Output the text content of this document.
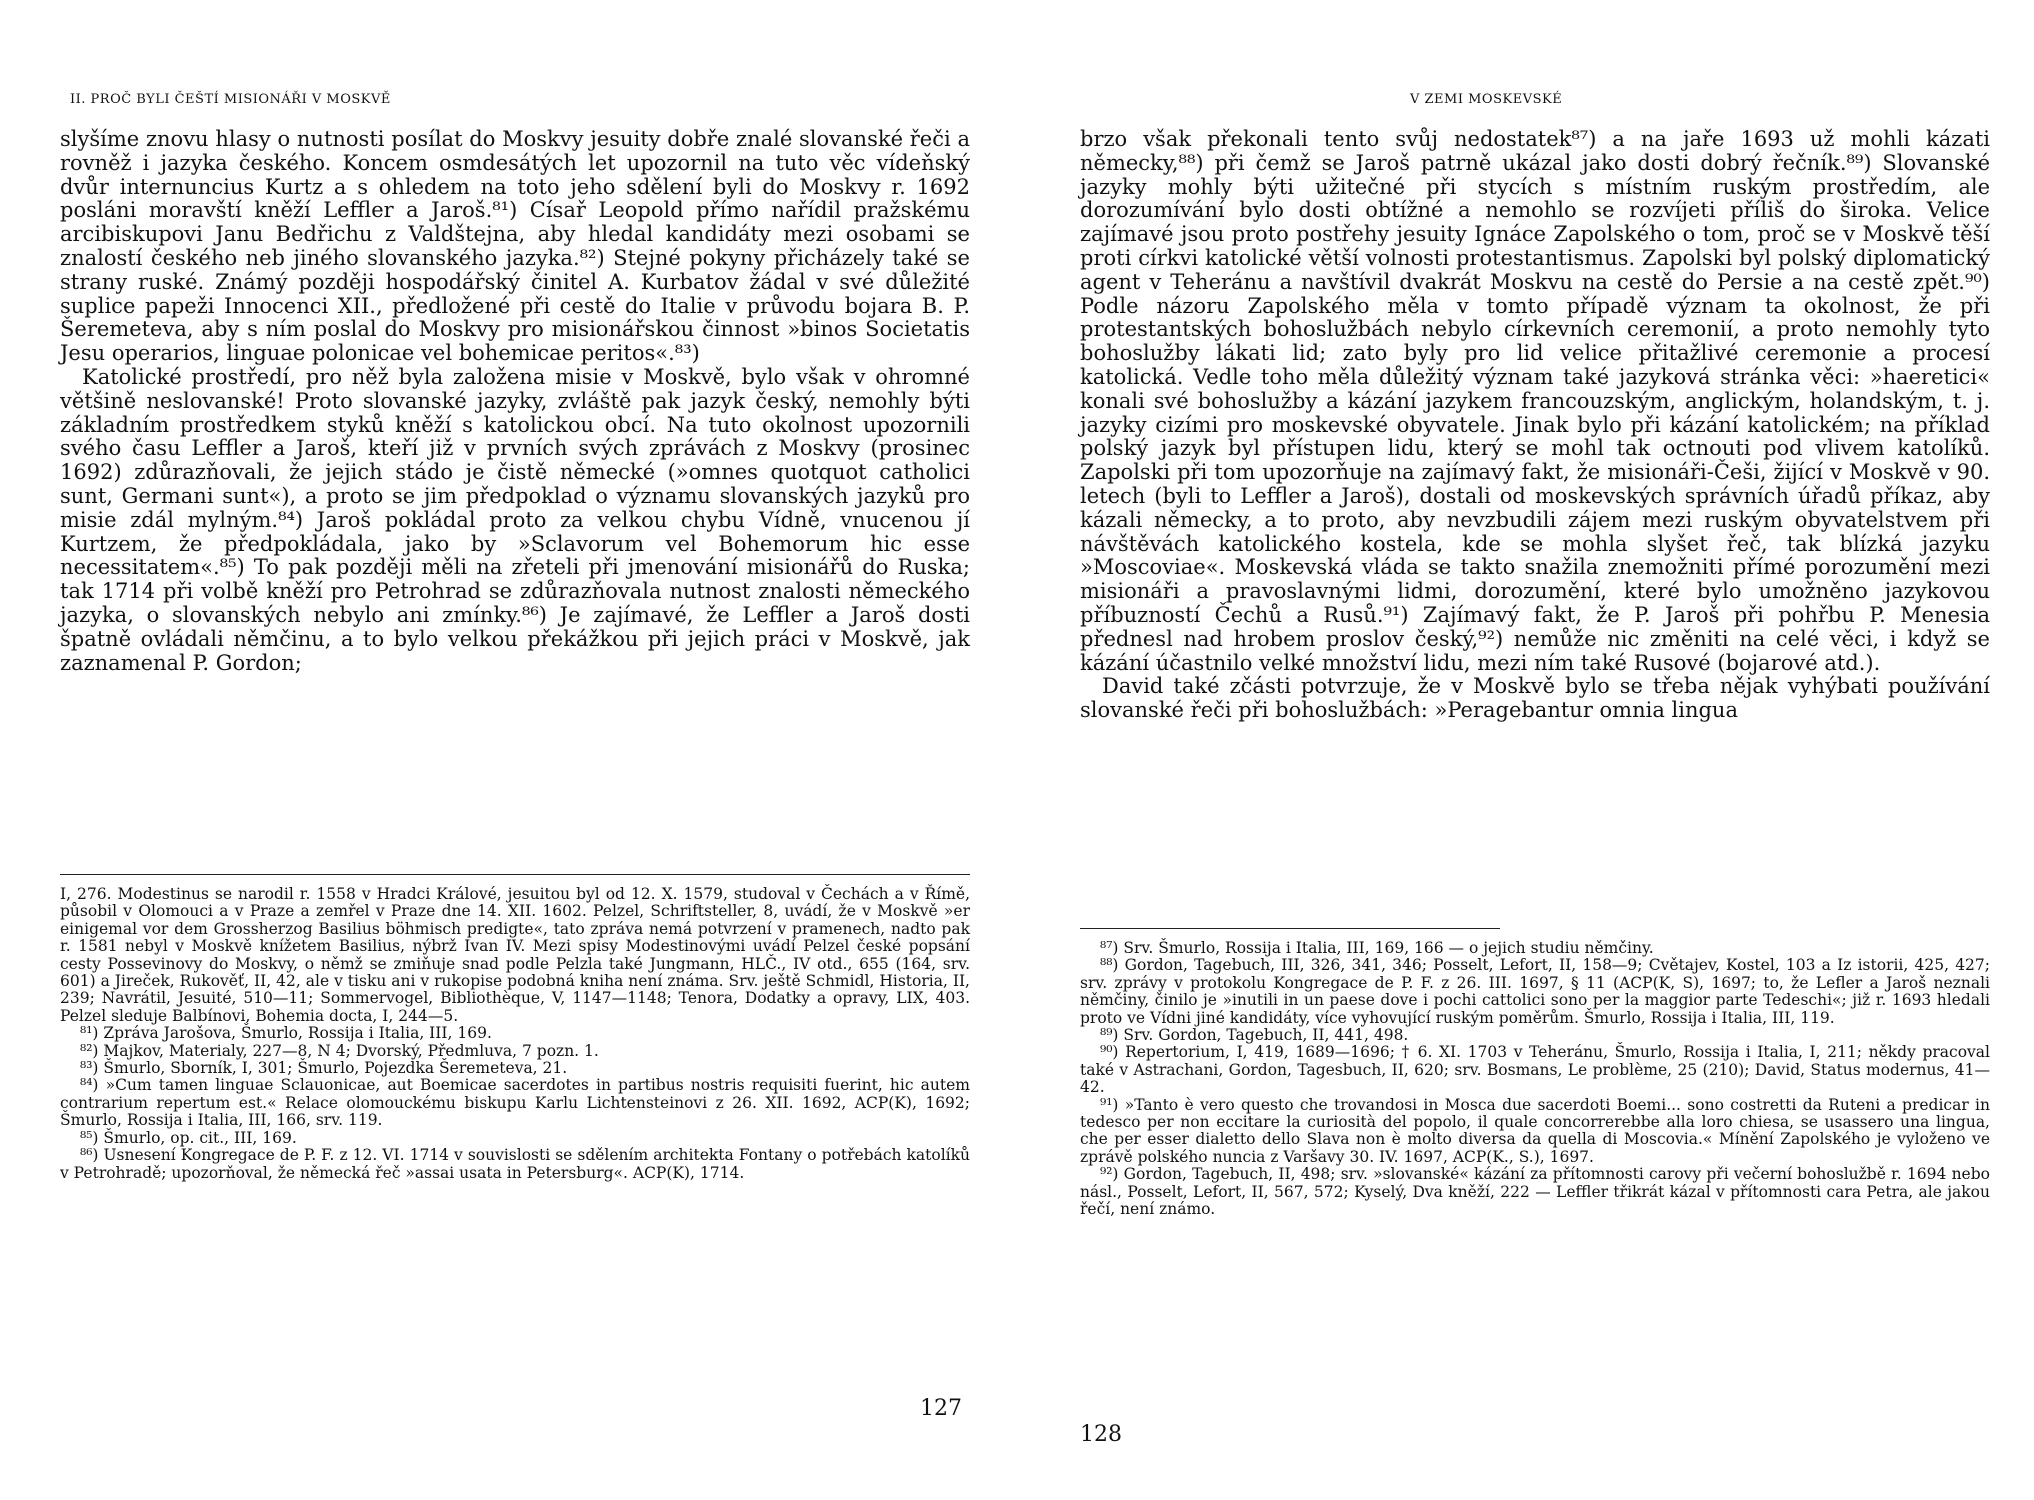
II. PROČ BYLI ČEŠTÍ MISIONÁŘI V MOSKVĚ

slyšíme znovu hlasy o nutnosti posílat do Moskvy jesuity dobře znalé slovanské řeči a rovněž i jazyka českého. Koncem osmdesátých let upozornil na tuto věc vídeňský dvůr internuncius Kurtz a s ohledem na toto jeho sdělení byli do Moskvy r. 1692 posláni moravští kněží Leffler a Jaroš.⁸¹) Císař Leopold přímo nařídil pražskému arcibiskupovi Janu Bedřichu z Valdštejna, aby hledal kandidáty mezi osobami se znalostí českého neb jiného slovanského jazyka.⁸²) Stejné pokyny přicházely také se strany ruské. Známý později hospodářský činitel A. Kurbatov žádal v své důležité suplice papeži Innocenci XII., předložené při cestě do Italie v průvodu bojara B. P. Šeremeteva, aby s ním poslal do Moskvy pro misionářskou činnost »binos Societatis Jesu operarios, linguae polonicae vel bohemicae peritos«.⁸³)

Katolické prostředí, pro něž byla založena misie v Moskvě, bylo však v ohromné většině neslovanské! Proto slovanské jazyky, zvláště pak jazyk český, nemohly býti základním prostředkem styků kněží s katolickou obcí. Na tuto okolnost upozornili svého času Leffler a Jaroš, kteří již v prvních svých zprávách z Moskvy (prosinec 1692) zdůrazňovali, že jejich stádo je čistě německé (»omnes quotquot catholici sunt, Germani sunt«), a proto se jim předpoklad o významu slovanských jazyků pro misie zdál mylným.⁸⁴) Jaroš pokládal proto za velkou chybu Vídně, vnucenou jí Kurtzem, že předpokládala, jako by »Sclavorum vel Bohemorum hic esse necessitatem«.⁸⁵) To pak později měli na zřeteli při jmenování misionářů do Ruska; tak 1714 při volbě kněží pro Petrohrad se zdůrazňovala nutnost znalosti německého jazyka, o slovanských nebylo ani zmínky.⁸⁶) Je zajímavé, že Leffler a Jaroš dosti špatně ovládali němčinu, a to bylo velkou překážkou při jejich práci v Moskvě, jak zaznamenal P. Gordon;

I, 276. Modestinus se narodil r. 1558 v Hradci Králové, jesuitou byl od 12. X. 1579, studoval v Čechách a v Římě, působil v Olomouci a v Praze a zemřel v Praze dne 14. XII. 1602. Pelzel, Schriftsteller, 8, uvádí, že v Moskvě »er einigemal vor dem Grossherzog Basilius böhmisch predigte«, tato zpráva nemá potvrzení v pramenech, nadto pak r. 1581 nebyl v Moskvě knížetem Basilius, nýbrž Ivan IV. Mezi spisy Modestinovými uvádí Pelzel české popsání cesty Possevinovy do Moskvy, o němž se zmiňuje snad podle Pelzla také Jungmann, HLČ., IV otd., 655 (164, srv. 601) a Jireček, Rukověť, II, 42, ale v tisku ani v rukopise podobná kniha není známa. Srv. ještě Schmidl, Historia, II, 239; Navrátil, Jesuité, 510—11; Sommervogel, Bibliothèque, V, 1147—1148; Tenora, Dodatky a opravy, LIX, 403. Pelzel sleduje Balbínovi, Bohemia docta, I, 244—5.

⁸¹) Zpráva Jarošova, Šmurlo, Rossija i Italia, III, 169.

⁸²) Majkov, Materialy, 227—8, N 4; Dvorský, Předmluva, 7 pozn. 1.

⁸³) Šmurlo, Sborník, I, 301; Šmurlo, Pojezdka Šeremeteva, 21.

⁸⁴) »Cum tamen linguae Sclauonicae, aut Boemicae sacerdotes in partibus nostris requisiti fuerint, hic autem contrarium repertum est.« Relace olomouckému biskupu Karlu Lichtensteinovi z 26. XII. 1692, ACP(K), 1692; Šmurlo, Rossija i Italia, III, 166, srv. 119.

⁸⁵) Šmurlo, op. cit., III, 169.

⁸⁶) Usnesení Kongregace de P. F. z 12. VI. 1714 v souvislosti se sdělením architekta Fontany o potřebách katolíků v Petrohradě; upozorňoval, že německá řeč »assai usata in Petersburg«. ACP(K), 1714.

127
V ZEMI MOSKEVSKÉ

brzo však překonali tento svůj nedostatek⁸⁷) a na jaře 1693 už mohli kázati německy,⁸⁸) při čemž se Jaroš patrně ukázal jako dosti dobrý řečník.⁸⁹) Slovanské jazyky mohly býti užitečné při stycích s místním ruským prostředím, ale dorozumívání bylo dosti obtížné a nemohlo se rozvíjeti příliš do široka. Velice zajímavé jsou proto postřehy jesuity Ignáce Zapolského o tom, proč se v Moskvě těší proti církvi katolické větší volnosti protestantismus. Zapolski byl polský diplomatický agent v Teheránu a navštívil dvakrát Moskvu na cestě do Persie a na cestě zpět.⁹⁰) Podle názoru Zapolského měla v tomto případě význam ta okolnost, že při protestantských bohoslužbách nebylo církevních ceremonií, a proto nemohly tyto bohoslužby lákati lid; zato byly pro lid velice přitažlivé ceremonie a procesí katolická. Vedle toho měla důležitý význam také jazyková stránka věci: »haeretici« konali své bohoslužby a kázání jazykem francouzským, anglickým, holandským, t. j. jazyky cizími pro moskevské obyvatele. Jinak bylo při kázání katolickém; na příklad polský jazyk byl přístupen lidu, který se mohl tak octnouti pod vlivem katolíků. Zapolski při tom upozorňuje na zajímavý fakt, že misionáři-Češi, žijící v Moskvě v 90. letech (byli to Leffler a Jaroš), dostali od moskevských správních úřadů příkaz, aby kázali německy, a to proto, aby nevzbudili zájem mezi ruským obyvatelstvem při návštěvách katolického kostela, kde se mohla slyšet řeč, tak blízká jazyku »Moscoviae«. Moskevská vláda se takto snažila znemožniti přímé porozumění mezi misionáři a pravoslavnými lidmi, dorozumění, které bylo umožněno jazykovou příbuzností Čechů a Rusů.⁹¹) Zajímavý fakt, že P. Jaroš při pohřbu P. Menesia přednesl nad hrobem proslov český,⁹²) nemůže nic změniti na celé věci, i když se kázání účastnilo velké množství lidu, mezi ním také Rusové (bojarové atd.).

David také zčásti potvrzuje, že v Moskvě bylo se třeba nějak vyhýbati používání slovanské řeči při bohoslužbách: »Peragebantur omnia lingua

⁸⁷) Srv. Šmurlo, Rossija i Italia, III, 169, 166 — o jejich studiu němčiny.

⁸⁸) Gordon, Tagebuch, III, 326, 341, 346; Posselt, Lefort, II, 158—9; Cvětajev, Kostel, 103 a Iz istorii, 425, 427; srv. zprávy v protokolu Kongregace de P. F. z 26. III. 1697, § 11 (ACP(K, S), 1697; to, že Lefler a Jaroš neznali němčiny, činilo je »inutili in un paese dove i pochi cattolici sono per la maggior parte Tedeschi«; již r. 1693 hledali proto ve Vídni jiné kandidáty, více vyhovující ruským poměrům. Šmurlo, Rossija i Italia, III, 119.

⁸⁹) Srv. Gordon, Tagebuch, II, 441, 498.

⁹⁰) Repertorium, I, 419, 1689—1696; † 6. XI. 1703 v Teheránu, Šmurlo, Rossija i Italia, I, 211; někdy pracoval také v Astrachani, Gordon, Tagesbuch, II, 620; srv. Bosmans, Le problème, 25 (210); David, Status modernus, 41—42.

⁹¹) »Tanto è vero questo che trovandosi in Mosca due sacerdoti Boemi... sono costretti da Ruteni a predicar in tedesco per non eccitare la curiosità del popolo, il quale concorrerebbe alla loro chiesa, se usassero una lingua, che per esser dialetto dello Slava non è molto diversa da quella di Moscovia.« Mínění Zapolského je vyloženo ve zprávě polského nuncia z Varšavy 30. IV. 1697, ACP(K., S.), 1697.

⁹²) Gordon, Tagebuch, II, 498; srv. »slovanské« kázání za přítomnosti carovy při večerní bohoslužbě r. 1694 nebo násl., Posselt, Lefort, II, 567, 572; Kyselý, Dva kněží, 222 — Leffler třikrát kázal v přítomnosti cara Petra, ale jakou řečí, není známo.

128
